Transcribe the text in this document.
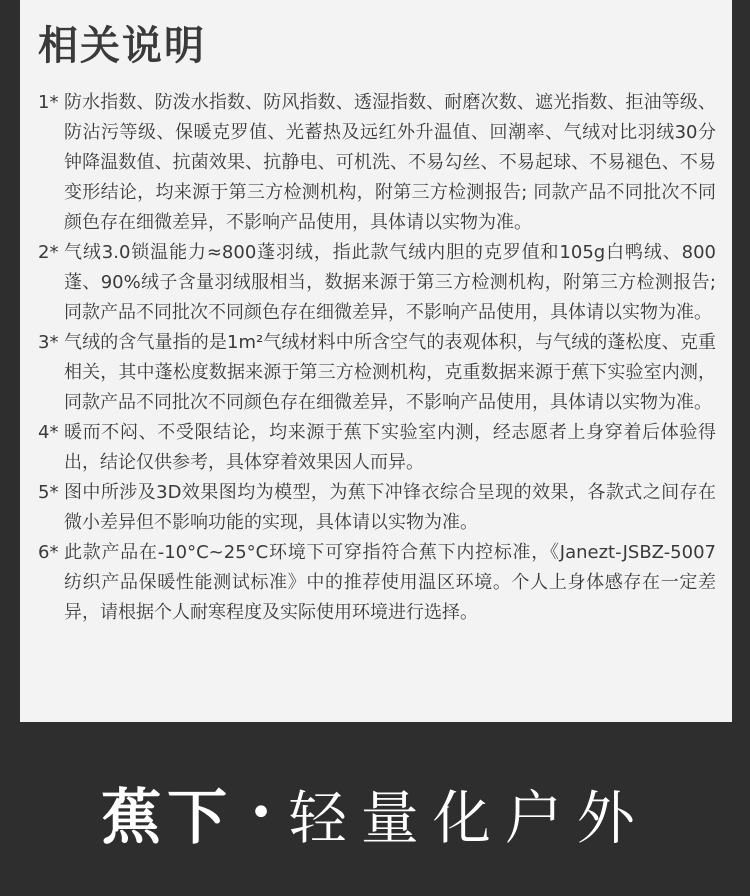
相关说明
1* 防水指数、防泼水指数、防风指数、透湿指数、耐磨次数、遮光指数、拒油等级、防沾污等级、保暖克罗值、光蓄热及远红外升温值、回潮率、气绒对比羽绒30分钟降温数值、抗菌效果、抗静电、可机洗、不易勾丝、不易起球、不易褪色、不易变形结论，均来源于第三方检测机构，附第三方检测报告; 同款产品不同批次不同颜色存在细微差异，不影响产品使用，具体请以实物为准。
2* 气绒3.0锁温能力≈800蓬羽绒，指此款气绒内胆的克罗值和105g白鸭绒、800蓬、90%绒子含量羽绒服相当，数据来源于第三方检测机构，附第三方检测报告; 同款产品不同批次不同颜色存在细微差异，不影响产品使用，具体请以实物为准。
3* 气绒的含气量指的是1m²气绒材料中所含空气的表观体积，与气绒的蓬松度、克重相关，其中蓬松度数据来源于第三方检测机构，克重数据来源于蕉下实验室内测，同款产品不同批次不同颜色存在细微差异，不影响产品使用，具体请以实物为准。
4* 暖而不闷、不受限结论，均来源于蕉下实验室内测，经志愿者上身穿着后体验得出，结论仅供参考，具体穿着效果因人而异。
5* 图中所涉及3D效果图均为模型，为蕉下冲锋衣综合呈现的效果，各款式之间存在微小差异但不影响功能的实现，具体请以实物为准。
6* 此款产品在-10°C~25°C环境下可穿指符合蕉下内控标准，《Janezt-JSBZ-5007纺织产品保暖性能测试标准》中的推荐使用温区环境。个人上身体感存在一定差异，请根据个人耐寒程度及实际使用环境进行选择。
蕉下 • 轻量化户外
